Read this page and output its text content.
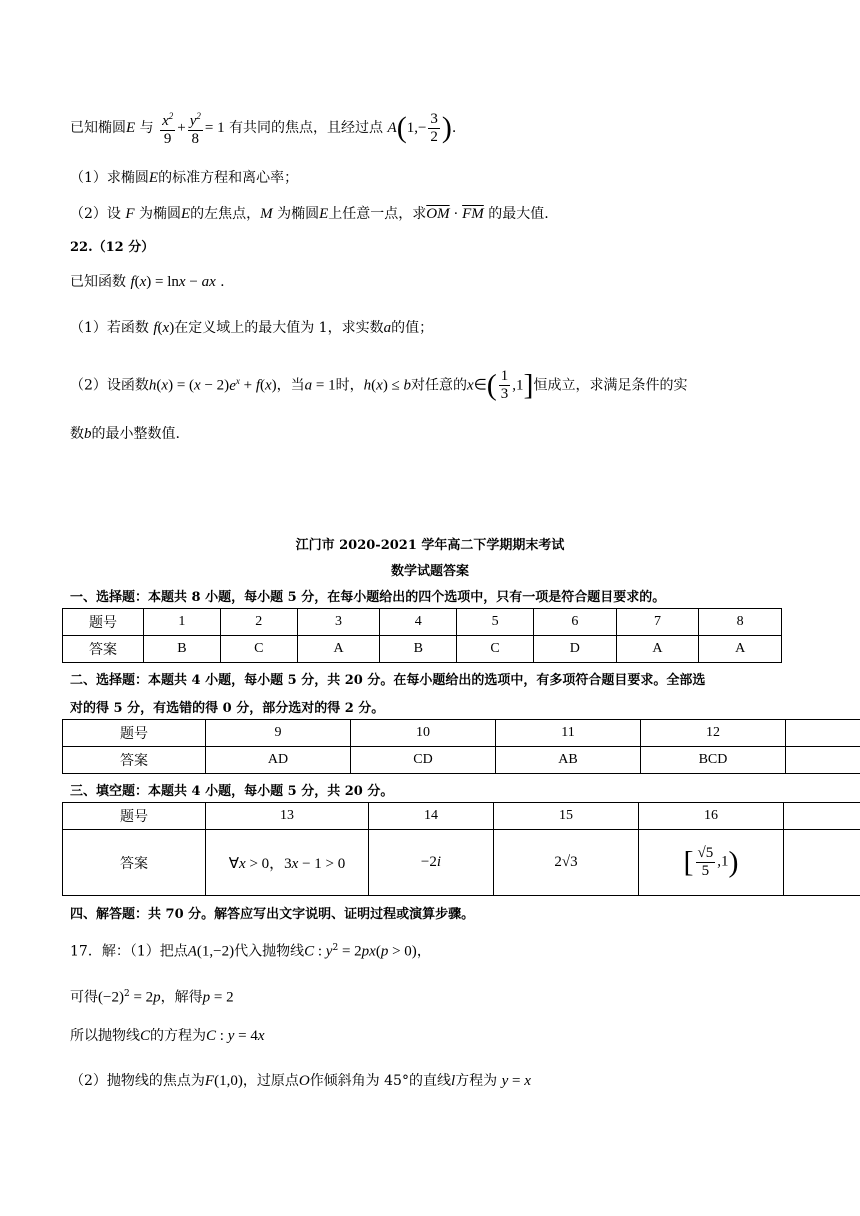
已知椭圆E 与 $\frac{x^2}{9} + \frac{y^2}{8} = 1$ 有共同的焦点，且经过点 $A(1,- \frac{3}{2}$ ).
（1）求椭圆E的标准方程和离心率；
（2）设 F 为椭圆E的左焦点，M 为椭圆E上任意一点，求$\overline{OM} \cdot \overline{FM}$ 的最大值.
22.（12 分）
已知函数 f(x) = lnx − ax .
（1）若函数 f(x)在定义域上的最大值为 1，求实数a的值；
（2）设函数$h(x) = (x - 2)e^x + f(x)$，当a = 1时，h(x) ≤ b对任意的x∈( $\frac{1}{3} ,1$]恒成立，求满足条件的实
数b的最小整数值.
江门市 2020-2021 学年高二下学期期末考试
数学试题答案
一、选择题：本题共 8 小题，每小题 5 分，在每小题给出的四个选项中，只有一项是符合题目要求的。
题号	1	2	3	4	5	6	7	8
答案	B	C	A	B	C	D	A	A
二、选择题：本题共 4 小题，每小题 5 分，共 20 分。在每小题给出的选项中，有多项符合题目要求。全部选
对的得 5 分，有选错的得 0 分，部分选对的得 2 分。
题号	9	10	11	12	
答案	AD	CD	AB	BCD	
三、填空题：本题共 4 小题，每小题 5 分，共 20 分。
题号	13	14	15	16	
答案	∀x > 0，3x − 1 > 0	−2i	2√3	[ $\frac{√5}{5} ,1$)	
四、解答题：共 70 分。解答应写出文字说明、证明过程或演算步骤。
17．解：（1）把点A(1,−2)代入抛物线C : $y^2 = 2px(p > 0)$，
可得$(-2)^2 = 2p$，解得p = 2
所以抛物线C的方程为C : y = 4x
（2）抛物线的焦点为F(1,0)，过原点O作倾斜角为 45°的直线l方程为 y = x
